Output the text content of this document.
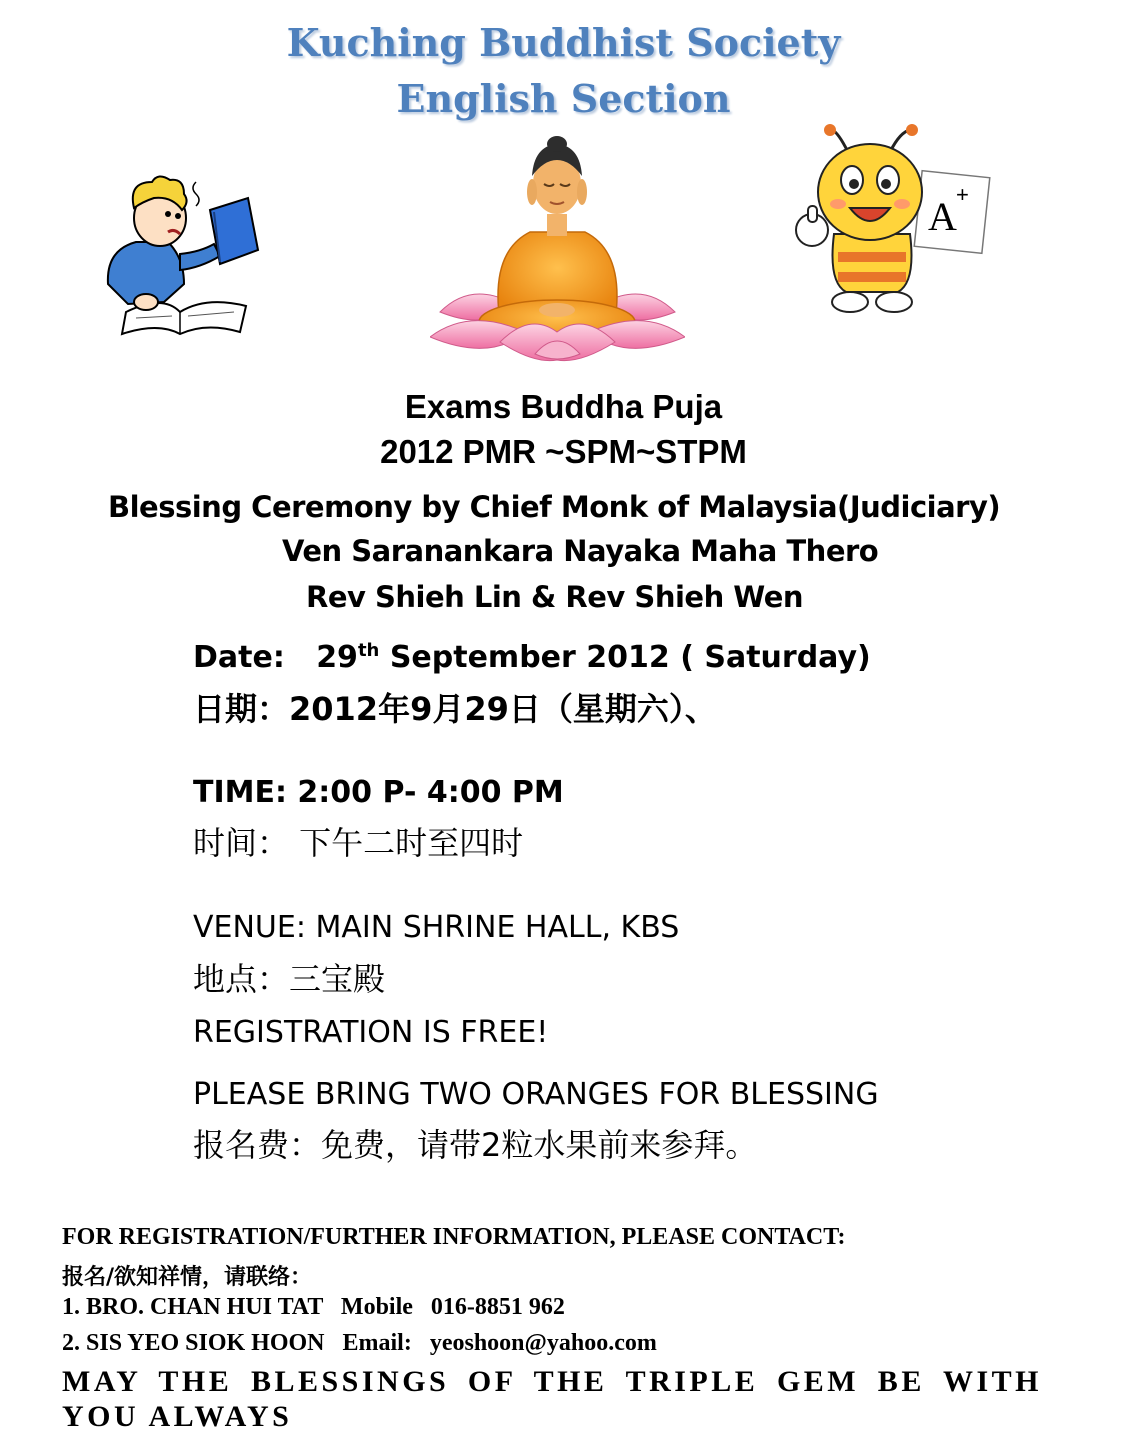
Kuching Buddhist Society
English Section
A +
Exams Buddha Puja
2012 PMR ~SPM~STPM
Blessing Ceremony by Chief Monk of Malaysia(Judiciary)
Ven Saranankara Nayaka Maha Thero
Rev Shieh Lin & Rev Shieh Wen
Date: 29th September 2012 ( Saturday)
日期：2012年9月29日（星期六）、
TIME: 2:00 P- 4:00 PM
时间： 下午二时至四时
VENUE: MAIN SHRINE HALL, KBS
地点：三宝殿
REGISTRATION IS FREE!
PLEASE BRING TWO ORANGES FOR BLESSING
报名费：免费，请带2粒水果前来参拜。
FOR REGISTRATION/FURTHER INFORMATION, PLEASE CONTACT:
报名/欲知祥情，请联络：
1. BRO. CHAN HUI TAT   Mobile   016-8851 962
2. SIS YEO SIOK HOON   Email:   yeoshoon@yahoo.com
MAY THE BLESSINGS OF THE TRIPLE GEM BE WITH YOU ALWAYS
